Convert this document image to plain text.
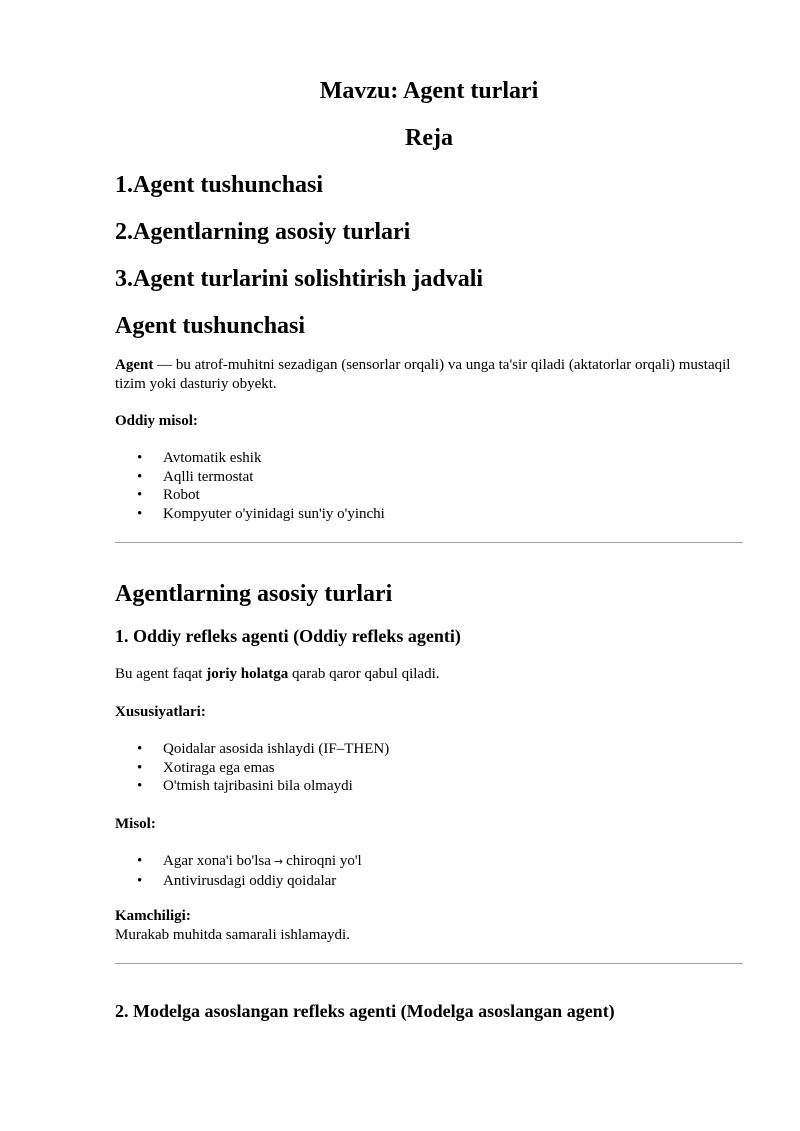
Mavzu: Agent turlari
Reja
1.Agent tushunchasi
2.Agentlarning asosiy turlari
3.Agent turlarini solishtirish jadvali
Agent tushunchasi

Agent — bu atrof-muhitni sezadigan (sensorlar orqali) va unga ta'sir qiladi (aktatorlar orqali) mustaqil tizim yoki dasturiy obyekt.

Oddiy misol:

• Avtomatik eshik
• Aqlli termostat
• Robot
• Kompyuter o'yinidagi sun'iy o'yinchi
Agentlarning asosiy turlari
1. Oddiy refleks agenti (Oddiy refleks agenti)

Bu agent faqat joriy holatga qarab qaror qabul qiladi.

Xususiyatlari:

• Qoidalar asosida ishlaydi (IF–THEN)
• Xotiraga ega emas
• O'tmish tajribasini bila olmaydi

Misol:

• Agar xona'i bo'lsa → chiroqni yo'l
• Antivirusdagi oddiy qoidalar

Kamchiligi:

Murakab muhitda samarali ishlamaydi.

2. Modelga asoslangan refleks agenti (Modelga asoslangan agent)
